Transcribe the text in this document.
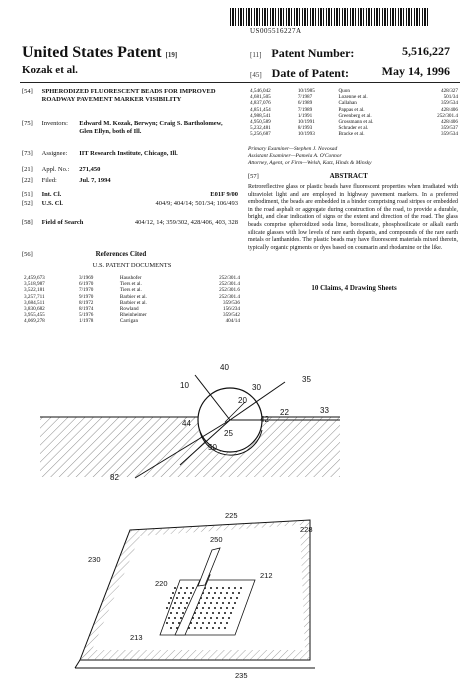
US005516227A
United States Patent [19]
Kozak et al.
[11] Patent Number:	5,516,227
[45] Date of Patent:	May 14, 1996
[54] SPHERODIZED FLUORESCENT BEADS FOR IMPROVED ROADWAY PAVEMENT MARKER VISIBILITY
[75] Inventors: Edward M. Kozak, Berwyn; Craig S. Bartholomew, Glen Ellyn, both of Ill.
[73] Assignee: IIT Research Institute, Chicago, Ill.
[21] Appl. No.: 271,450
[22] Filed:	Jul. 7, 1994
[51] Int. Cl.	E01F 9/00
[52] U.S. Cl.	404/9; 404/14; 501/34; 106/493
[58] Field of Search	404/12, 14; 359/302, 428/406, 403, 328
[56]	References Cited
U.S. PATENT DOCUMENTS
2,459,673	3/1969	Haushofer	252/301.4
3,518,987	6/1970	Tiers et al.	252/301.4
3,522,181	7/1970	Tiers et al.	252/301.6
3,257,711	9/1970	Barbier et al.	252/301.4
3,684,511	8/1972	Barbier et al.	359/536
3,830,682	8/1974	Rowland	156/234
3,955,455	5/1976	Rheinheimer	359/542
4,069,278	1/1978	Carrigan	404/14
4,546,042	10/1985	Quon	428/327
4,681,505	7/1987	Lozenne et al.	501/34
4,837,076	6/1989	Callahan	359/534
4,851,454	7/1989	Pappas et al.	428/406
4,988,541	1/1991	Greenberg et al.	252/301.4
4,950,589	10/1991	Grossmann et al.	428/406
5,232,481	8/1993	Schrader et al.	359/537
5,256,687	10/1993	Bracke et al.	359/534
Primary Examiner—Stephen J. Novosad
Assistant Examiner—Pamela A. O'Connor
Attorney, Agent, or Firm—Welsh, Katz, Hinds & Minsky
[57]	ABSTRACT
Retroreflective glass or plastic beads have fluorescent properties when irradiated with ultraviolet light and are employed in highway pavement markers. In a preferred embodiment, the beads are embedded in a binder comprising road stripes or embedded in the road asphalt or aggregate during construction of the road, to provide a durable, bright, and clear indication of signs or the extent and direction of the road. The glass beads comprise spheroidized soda lime, borosilicate, phosphosilicate or alkali earth silicate glasses with low levels of rare earth dopants, and compounds of the rare earth metals or lanthanides. The plastic beads may have fluorescent materials mixed therein, typically organic pigments or dyes based on coumarin and rhodamine or the like.
10 Claims, 4 Drawing Sheets
40
10	30
35
20
42
22	33
44
25
50
82
225
228
230
250
220
212
213
235
